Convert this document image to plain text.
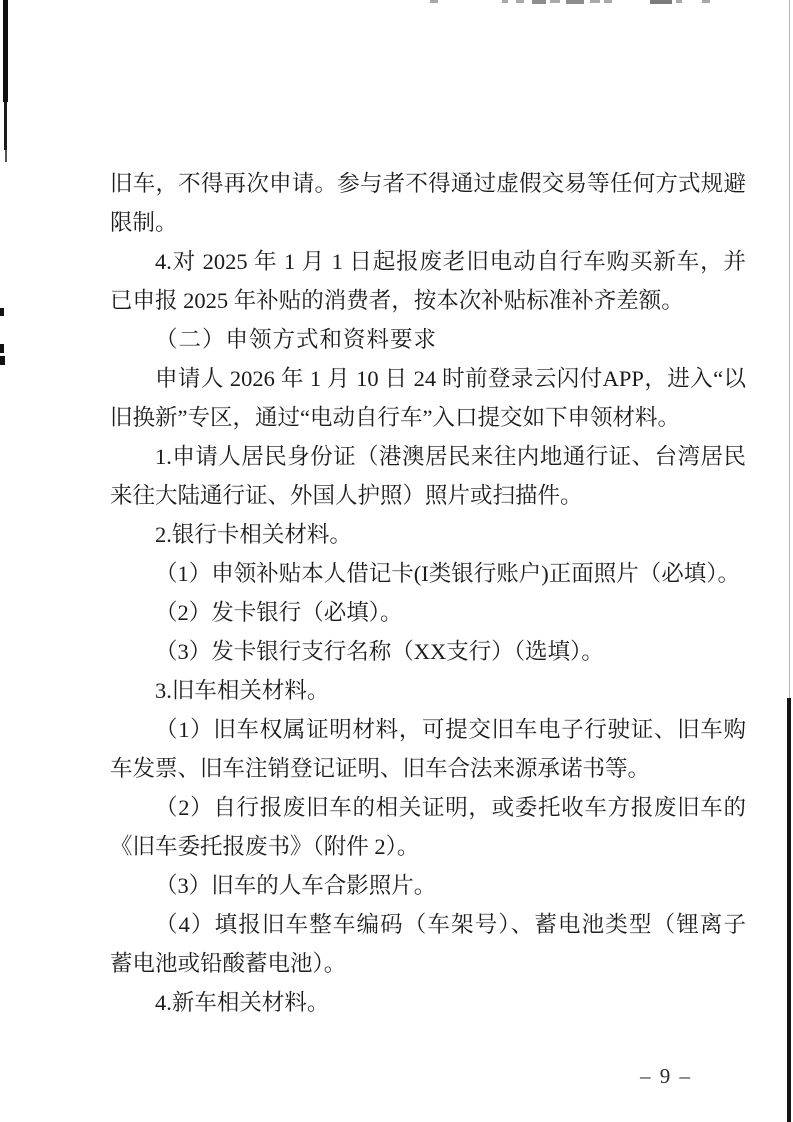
旧车，不得再次申请。参与者不得通过虚假交易等任何方式规避
限制。
4.对 2025 年 1 月 1 日起报废老旧电动自行车购买新车，并
已申报 2025 年补贴的消费者，按本次补贴标准补齐差额。
（二）申领方式和资料要求
申请人 2026 年 1 月 10 日 24 时前登录云闪付APP，进入“以
旧换新”专区，通过“电动自行车”入口提交如下申领材料。
1.申请人居民身份证（港澳居民来往内地通行证、台湾居民
来往大陆通行证、外国人护照）照片或扫描件。
2.银行卡相关材料。
（1）申领补贴本人借记卡(I类银行账户)正面照片（必填）。
（2）发卡银行（必填）。
（3）发卡银行支行名称（XX支行）（选填）。
3.旧车相关材料。
（1）旧车权属证明材料，可提交旧车电子行驶证、旧车购
车发票、旧车注销登记证明、旧车合法来源承诺书等。
（2）自行报废旧车的相关证明，或委托收车方报废旧车的
《旧车委托报废书》（附件 2）。
（3）旧车的人车合影照片。
（4）填报旧车整车编码（车架号）、蓄电池类型（锂离子
蓄电池或铅酸蓄电池）。
4.新车相关材料。
– 9 –
